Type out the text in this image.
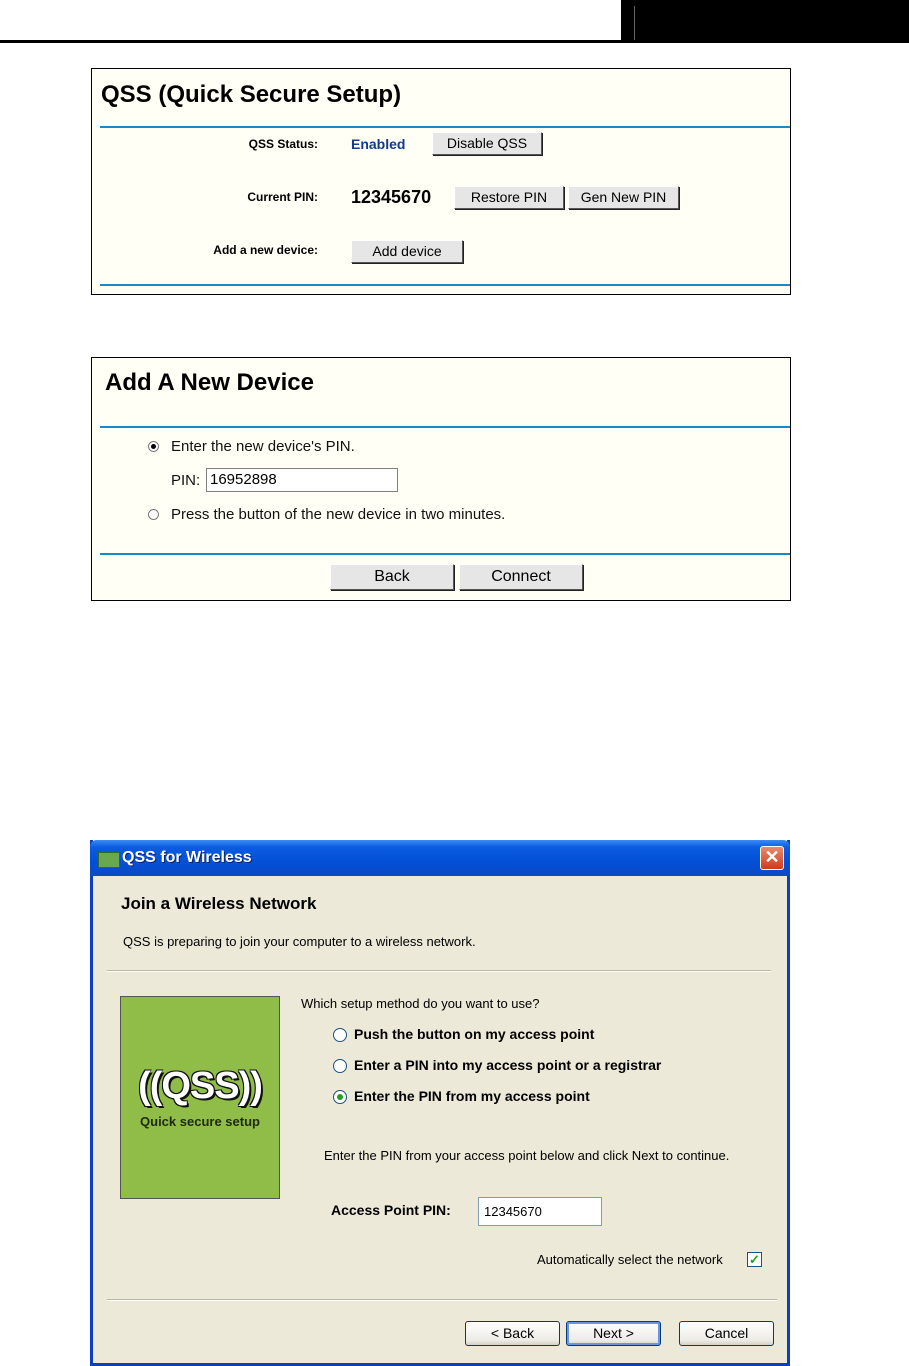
QSS (Quick Secure Setup)
QSS Status: Enabled	Disable QSS
Current PIN: 12345670	Restore PIN	Gen New PIN
Add a new device:	Add device
Add A New Device
Enter the new device's PIN.
PIN: 16952898
Press the button of the new device in two minutes.
Back	Connect
QSS for Wireless	✕
Join a Wireless Network
QSS is preparing to join your computer to a wireless network.
((QSS))
Quick secure setup
Which setup method do you want to use?
Push the button on my access point
Enter a PIN into my access point or a registrar
Enter the PIN from my access point
Enter the PIN from your access point below and click Next to continue.
Access Point PIN:	12345670
Automatically select the network ✓
< Back	Next >	Cancel
